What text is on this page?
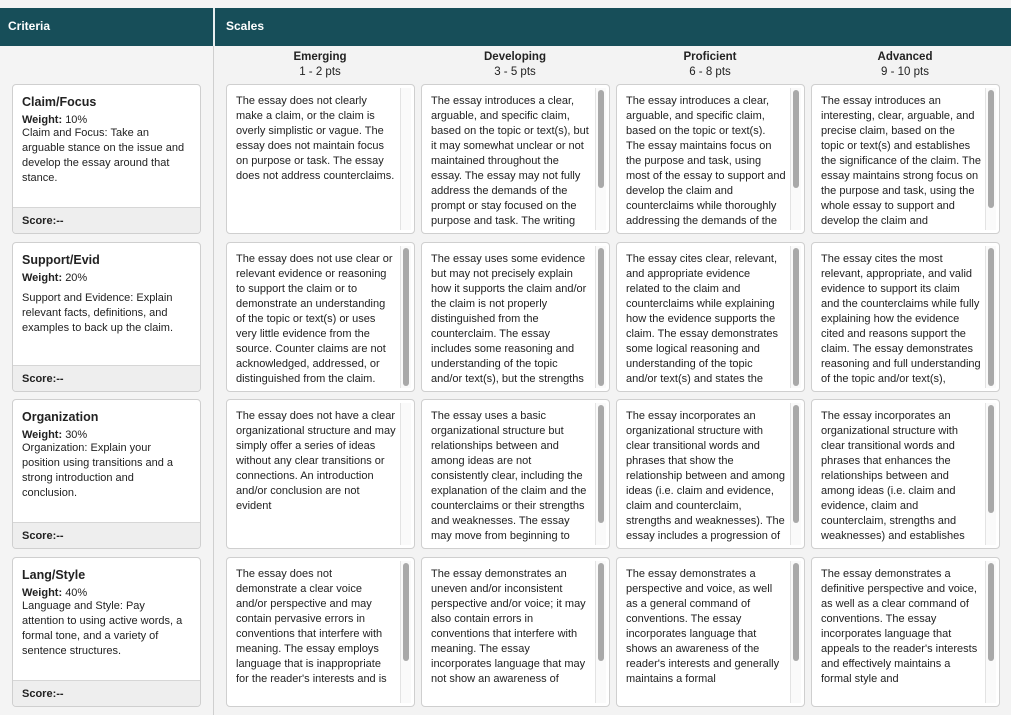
Criteria	Scales
Emerging
1 - 2 pts
Developing
3 - 5 pts
Proficient
6 - 8 pts
Advanced
9 - 10 pts
Claim/Focus
Weight: 10%
Claim and Focus: Take an arguable stance on the issue and develop the essay around that stance.
Score:--
The essay does not clearly make a claim, or the claim is overly simplistic or vague. The essay does not maintain focus on purpose or task. The essay does not address counterclaims.
The essay introduces a clear, arguable, and specific claim, based on the topic or text(s), but it may somewhat unclear or not maintained throughout the essay. The essay may not fully address the demands of the prompt or stay focused on the purpose and task. The writing
The essay introduces a clear, arguable, and specific claim, based on the topic or text(s). The essay maintains focus on the purpose and task, using most of the essay to support and develop the claim and counterclaims while thoroughly addressing the demands of the
The essay introduces an interesting, clear, arguable, and precise claim, based on the topic or text(s) and establishes the significance of the claim. The essay maintains strong focus on the purpose and task, using the whole essay to support and develop the claim and
Support/Evid
Weight: 20%
Support and Evidence: Explain relevant facts, definitions, and examples to back up the claim.
Score:--
The essay does not use clear or relevant evidence or reasoning to support the claim or to demonstrate an understanding of the topic or text(s) or uses very little evidence from the source. Counter claims are not acknowledged, addressed, or distinguished from the claim.
The essay uses some evidence but may not precisely explain how it supports the claim and/or the claim is not properly distinguished from the counterclaim. The essay includes some reasoning and understanding of the topic and/or text(s), but the strengths
The essay cites clear, relevant, and appropriate evidence related to the claim and counterclaims while explaining how the evidence supports the claim. The essay demonstrates some logical reasoning and understanding of the topic and/or text(s) and states the
The essay cites the most relevant, appropriate, and valid evidence to support its claim and the counterclaims while fully explaining how the evidence cited and reasons support the claim. The essay demonstrates reasoning and full understanding of the topic and/or text(s),
Organization
Weight: 30%
Organization: Explain your position using transitions and a strong introduction and conclusion.
Score:--
The essay does not have a clear organizational structure and may simply offer a series of ideas without any clear transitions or connections. An introduction and/or conclusion are not evident
The essay uses a basic organizational structure but relationships between and among ideas are not consistently clear, including the explanation of the claim and the counterclaims or their strengths and weaknesses. The essay may move from beginning to
The essay incorporates an organizational structure with clear transitional words and phrases that show the relationship between and among ideas (i.e. claim and evidence, claim and counterclaim, strengths and weaknesses). The essay includes a progression of
The essay incorporates an organizational structure with clear transitional words and phrases that enhances the relationships between and among ideas (i.e. claim and evidence, claim and counterclaim, strengths and weaknesses) and establishes
Lang/Style
Weight: 40%
Language and Style: Pay attention to using active words, a formal tone, and a variety of sentence structures.
Score:--
The essay does not demonstrate a clear voice and/or perspective and may contain pervasive errors in conventions that interfere with meaning. The essay employs language that is inappropriate for the reader's interests and is
The essay demonstrates an uneven and/or inconsistent perspective and/or voice; it may also contain errors in conventions that interfere with meaning. The essay incorporates language that may not show an awareness of
The essay demonstrates a perspective and voice, as well as a general command of conventions. The essay incorporates language that shows an awareness of the reader's interests and generally maintains a formal
The essay demonstrates a definitive perspective and voice, as well as a clear command of conventions. The essay incorporates language that appeals to the reader's interests and effectively maintains a formal style and
